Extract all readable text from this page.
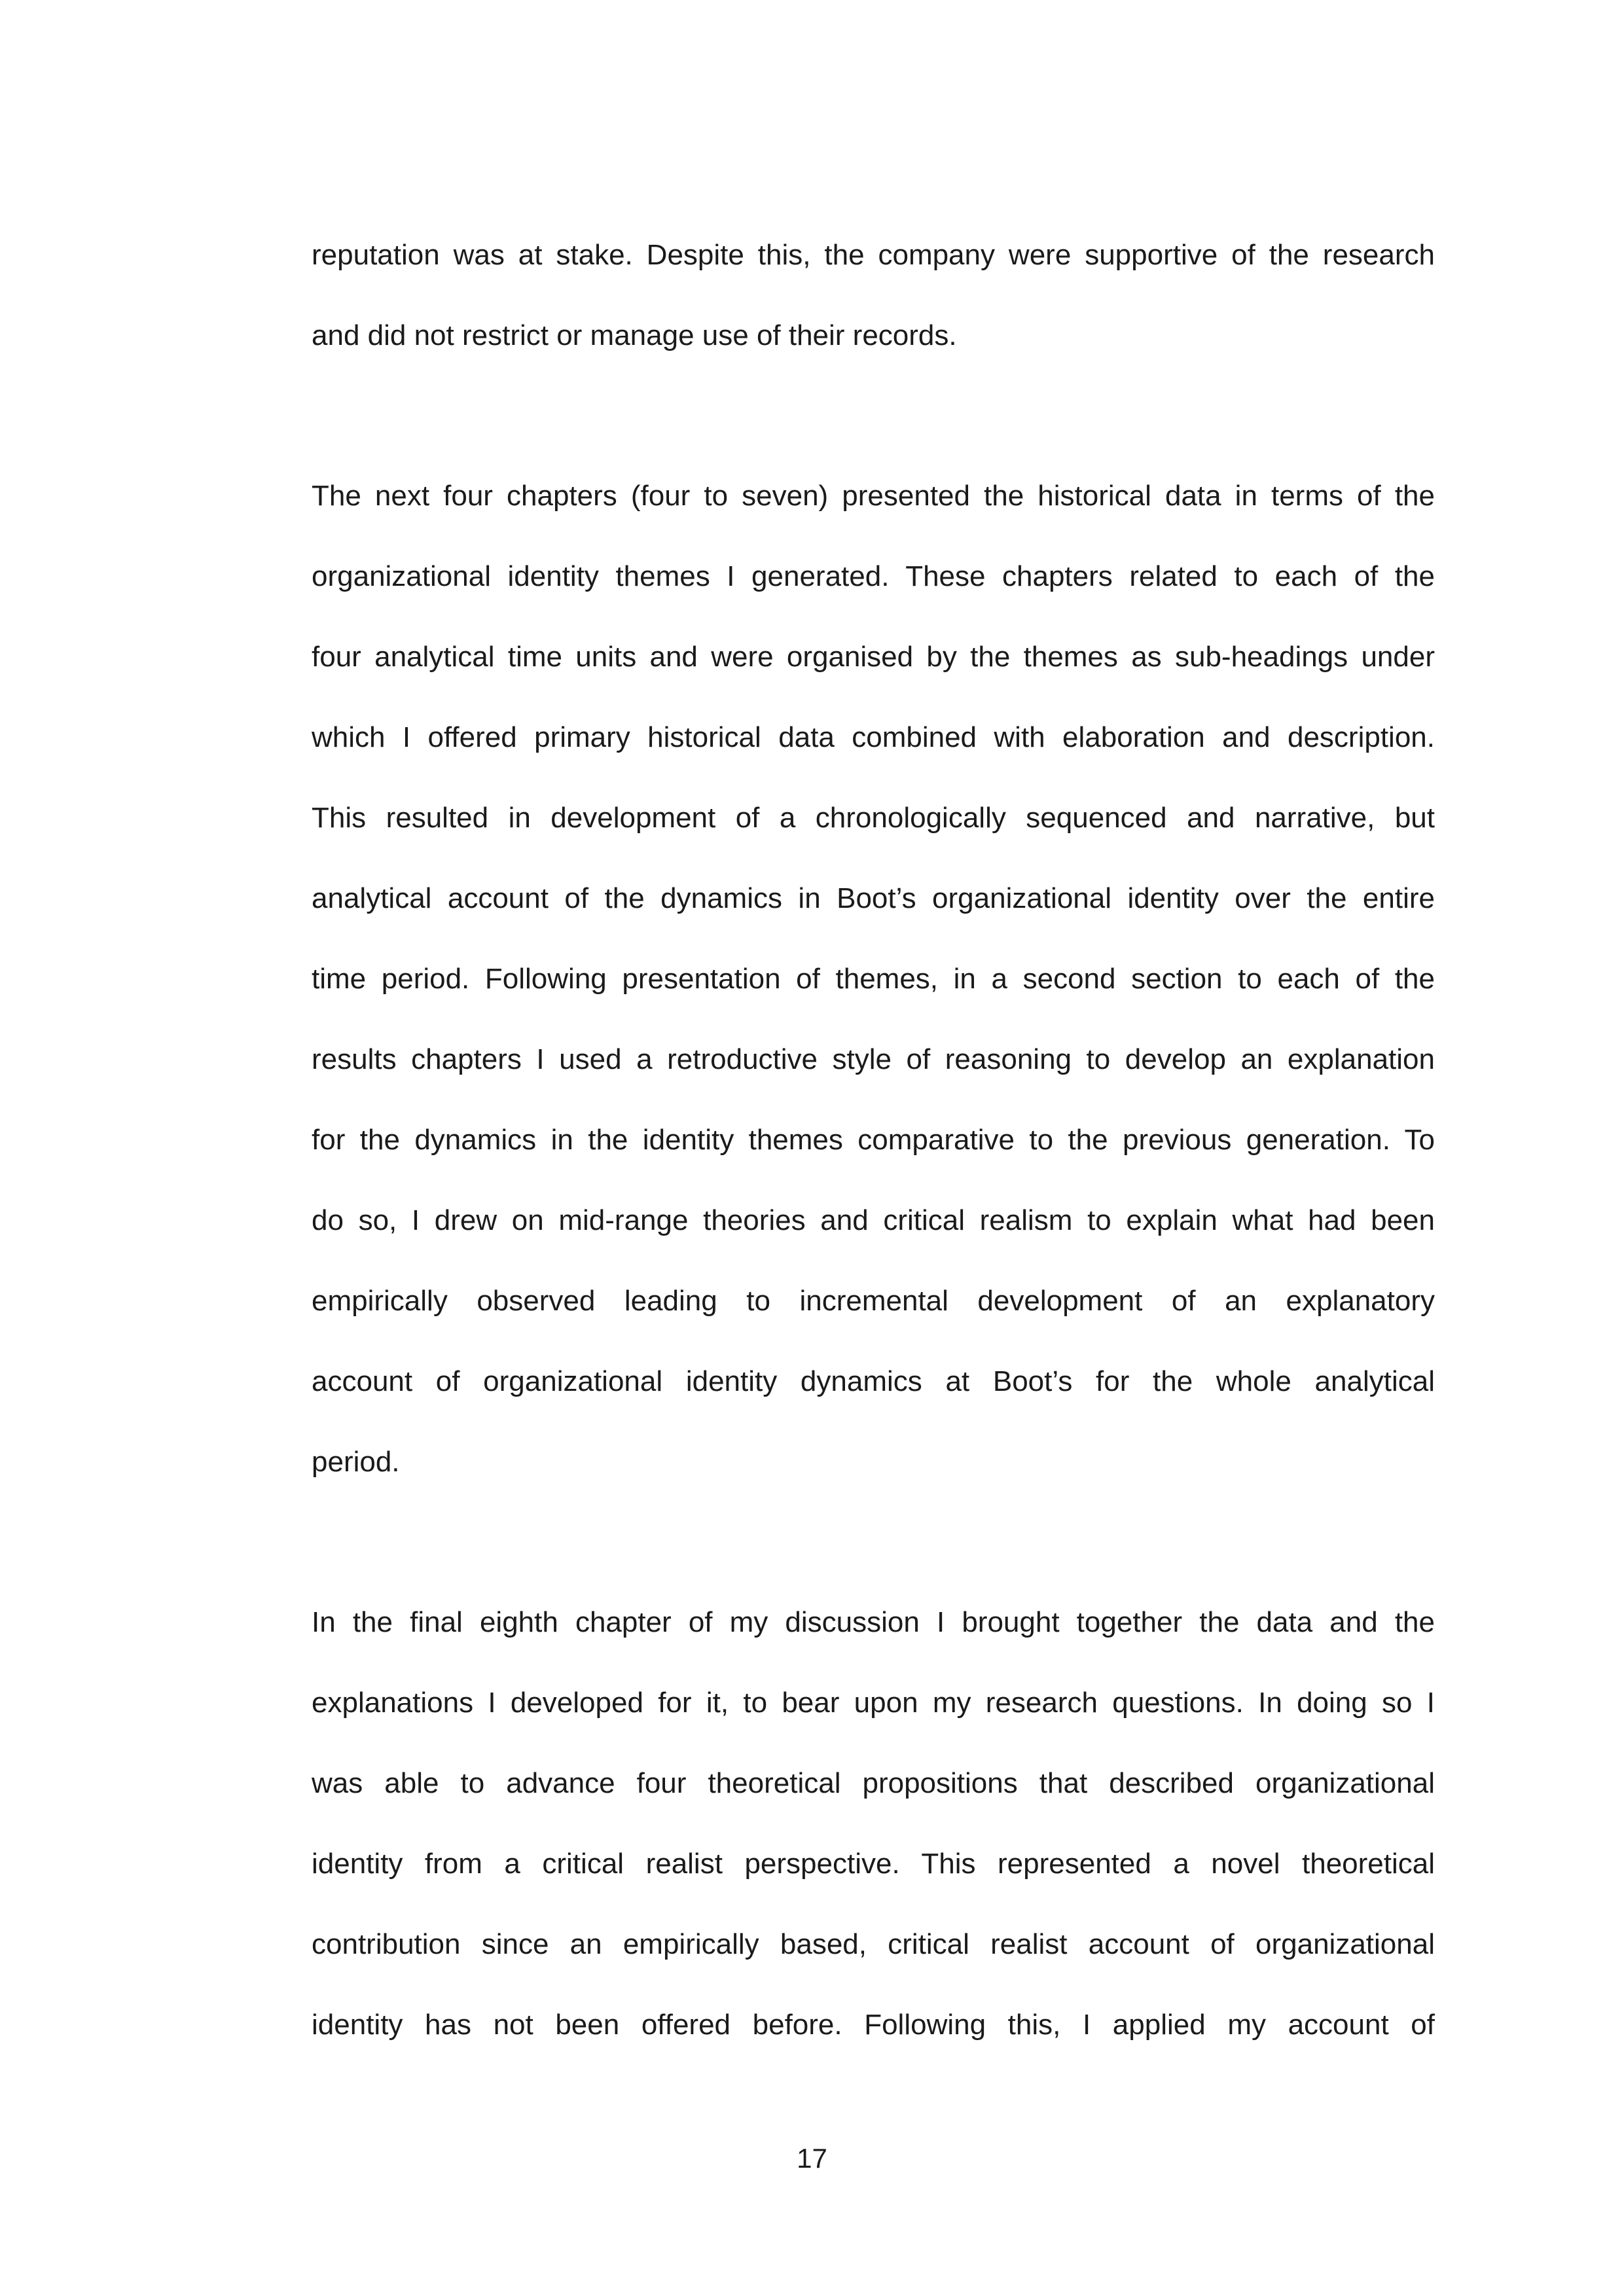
reputation was at stake. Despite this, the company were supportive of the research
and did not restrict or manage use of their records.
The next four chapters (four to seven) presented the historical data in terms of the
organizational identity themes I generated. These chapters related to each of the
four analytical time units and were organised by the themes as sub-headings under
which I offered primary historical data combined with elaboration and description.
This resulted in development of a chronologically sequenced and narrative, but
analytical account of the dynamics in Boot’s organizational identity over the entire
time period. Following presentation of themes, in a second section to each of the
results chapters I used a retroductive style of reasoning to develop an explanation
for the dynamics in the identity themes comparative to the previous generation. To
do so, I drew on mid-range theories and critical realism to explain what had been
empirically observed leading to incremental development of an explanatory
account of organizational identity dynamics at Boot’s for the whole analytical
period.
In the final eighth chapter of my discussion I brought together the data and the
explanations I developed for it, to bear upon my research questions. In doing so I
was able to advance four theoretical propositions that described organizational
identity from a critical realist perspective. This represented a novel theoretical
contribution since an empirically based, critical realist account of organizational
identity has not been offered before. Following this, I applied my account of
17
